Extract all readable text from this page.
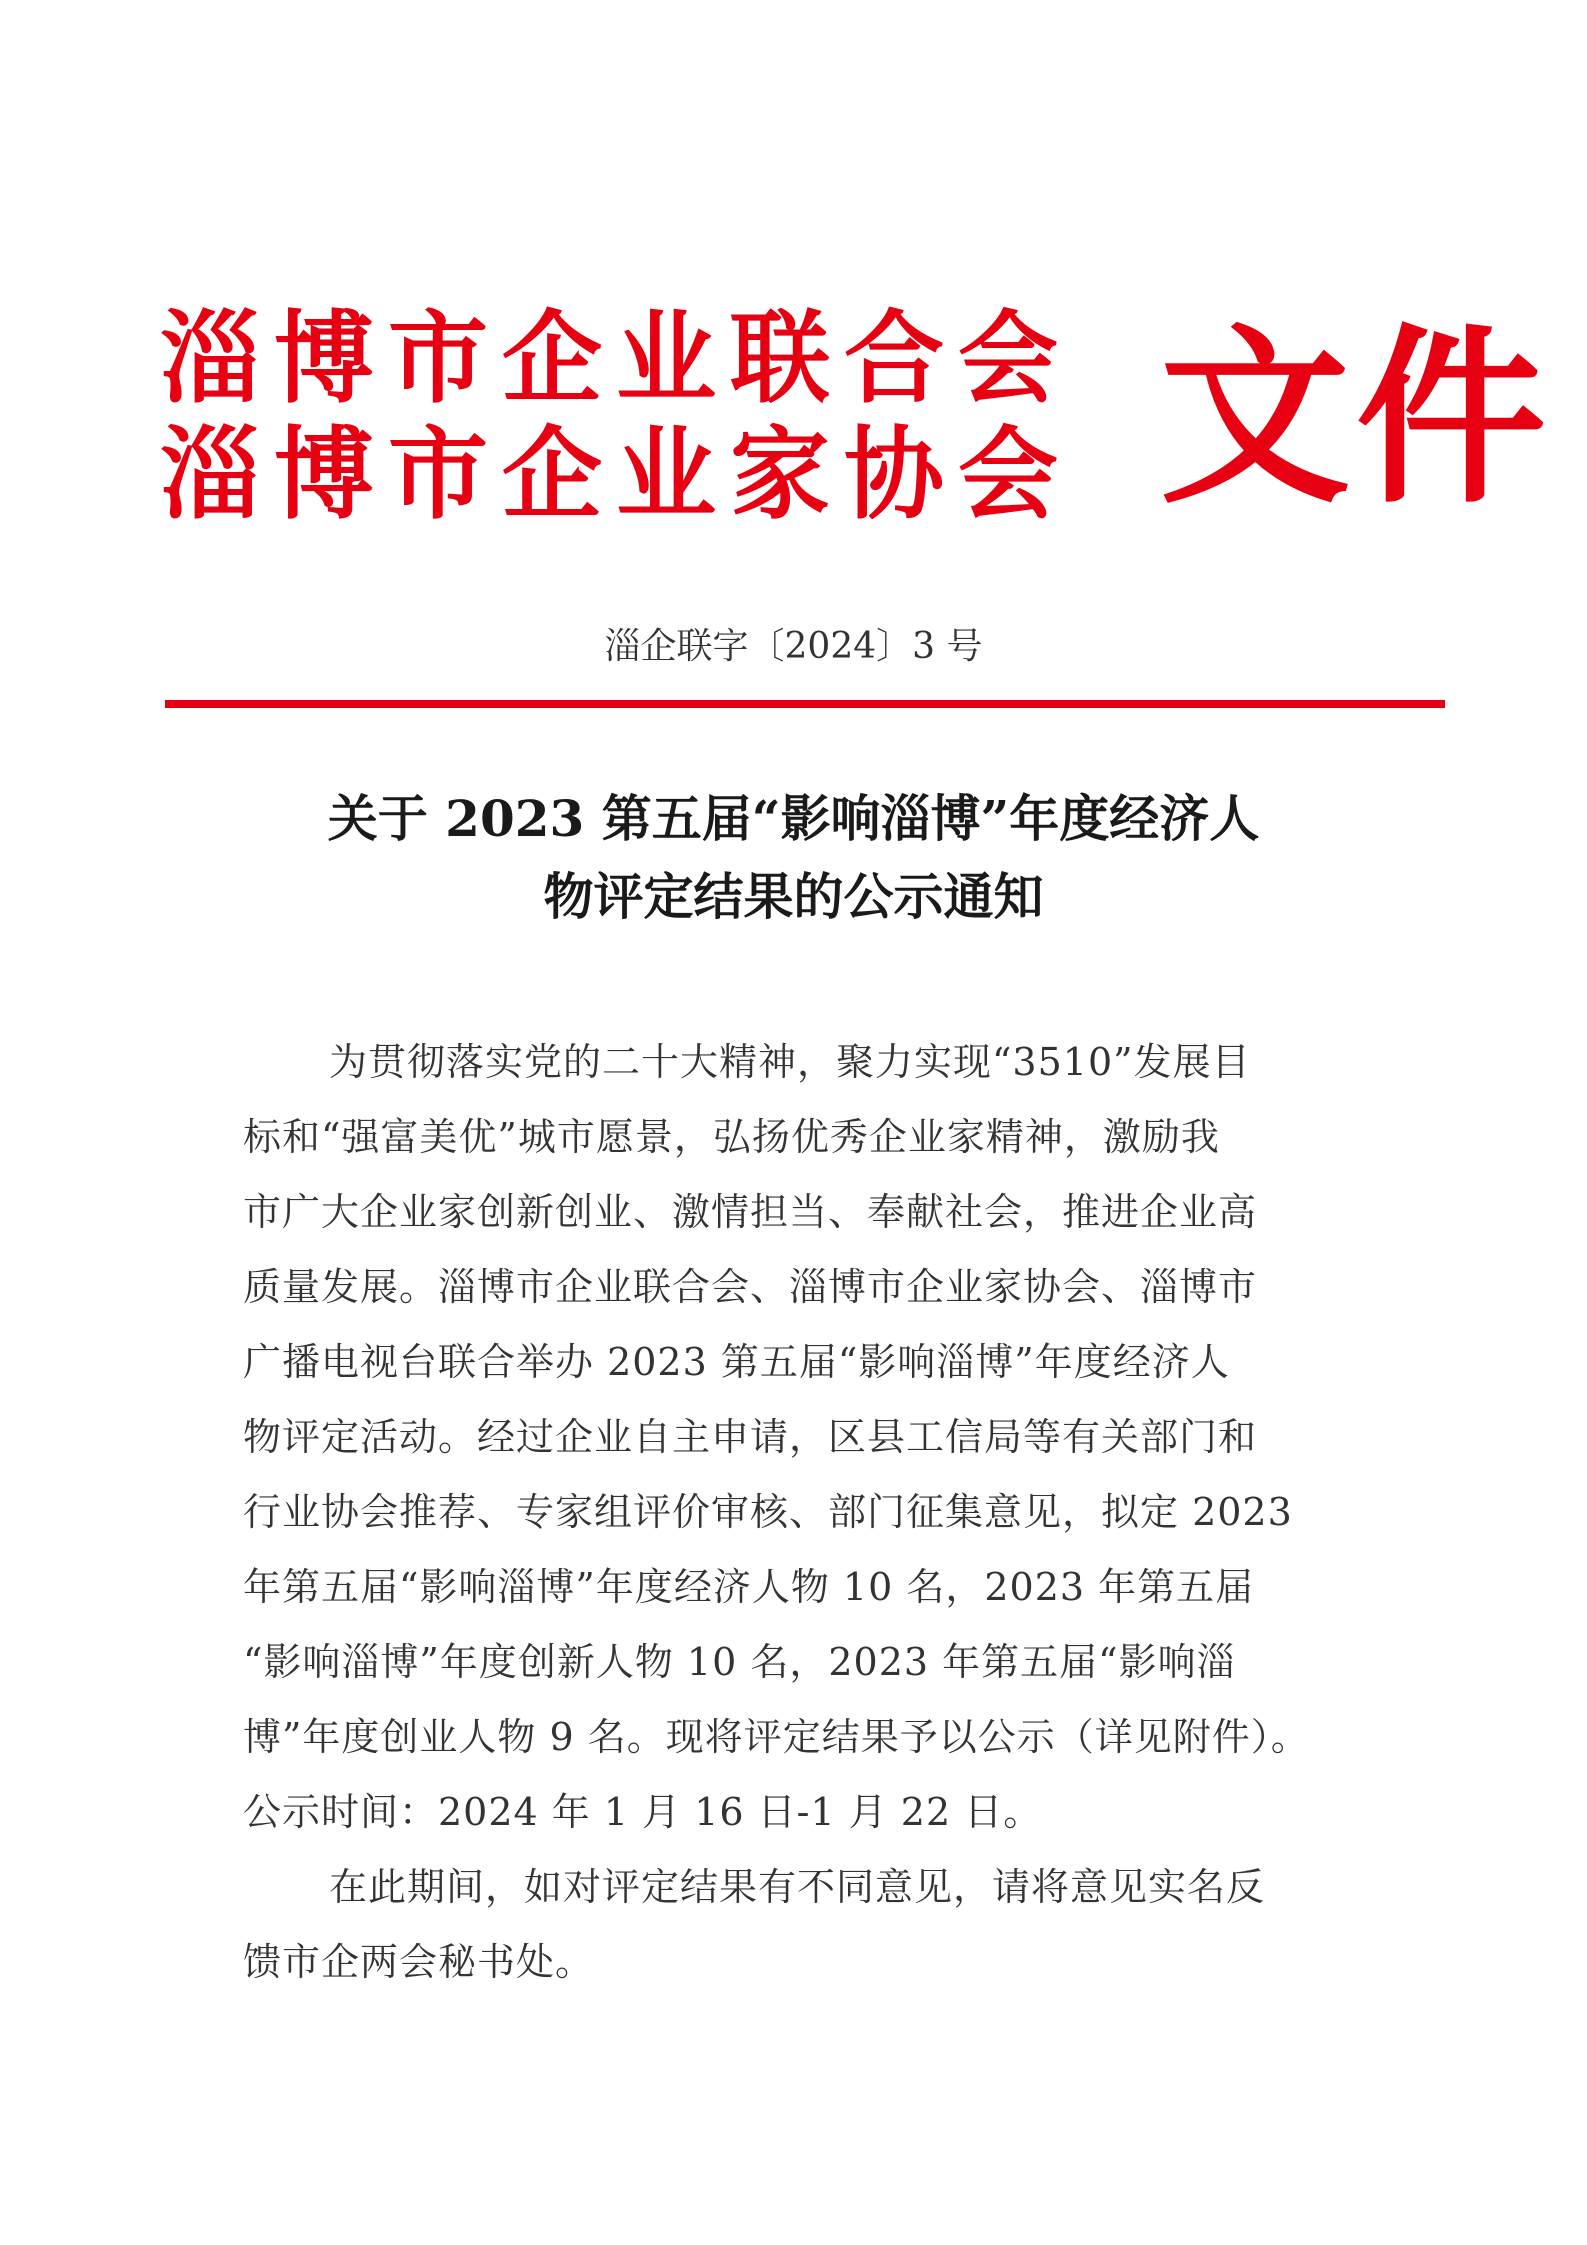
淄博市企业联合会
淄博市企业家协会 文件
淄企联字〔2024〕3 号
关于 2023 第五届“影响淄博”年度经济人
物评定结果的公示通知
为贯彻落实党的二十大精神，聚力实现“3510”发展目
标和“强富美优”城市愿景，弘扬优秀企业家精神，激励我
市广大企业家创新创业、激情担当、奉献社会，推进企业高
质量发展。淄博市企业联合会、淄博市企业家协会、淄博市
广播电视台联合举办 2023 第五届“影响淄博”年度经济人
物评定活动。经过企业自主申请，区县工信局等有关部门和
行业协会推荐、专家组评价审核、部门征集意见，拟定 2023
年第五届“影响淄博”年度经济人物 10 名，2023 年第五届
“影响淄博”年度创新人物 10 名，2023 年第五届“影响淄
博”年度创业人物 9 名。现将评定结果予以公示（详见附件）。
公示时间：2024 年 1 月 16 日-1 月 22 日。
在此期间，如对评定结果有不同意见，请将意见实名反
馈市企两会秘书处。
